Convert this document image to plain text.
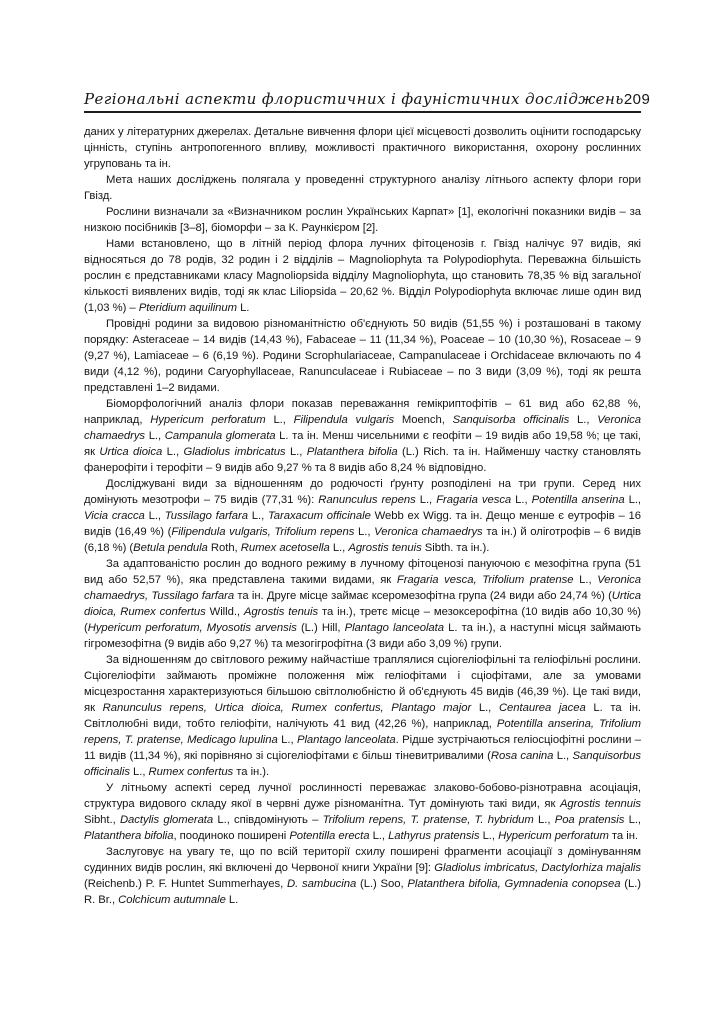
Регіональні аспекти флористичних і фауністичних досліджень 209

даних у літературних джерелах. Детальне вивчення флори цієї місцевості дозволить оцінити господарську цінність, ступінь антропогенного впливу, можливості практичного використання, охорону рослинних угруповань та ін.

Мета наших досліджень полягала у проведенні структурного аналізу літнього аспекту флори гори Гвізд.

Рослини визначали за «Визначником рослин Українських Карпат» [1], екологічні показники видів – за низкою посібників [3–8], біоморфи – за К. Раункієром [2].

Нами встановлено, що в літній період флора лучних фітоценозів г. Гвізд налічує 97 видів, які відносяться до 78 родів, 32 родин і 2 відділів – Magnoliophyta та Polypodiophyta. Переважна більшість рослин є представниками класу Magnoliopsida відділу Magnoliophyta, що становить 78,35 % від загальної кількості виявлених видів, тоді як клас Liliopsida – 20,62 %. Відділ Polypodiophyta включає лише один вид (1,03 %) – Pteridium aquilinum L.

Провідні родини за видовою різноманітністю об'єднують 50 видів (51,55 %) і розташовані в такому порядку: Asteraceae – 14 видів (14,43 %), Fabaceae – 11 (11,34 %), Poaceae – 10 (10,30 %), Rosaceae – 9 (9,27 %), Lamiaceae – 6 (6,19 %). Родини Scrophulariaceae, Campanulaceae і Orchidaceae включають по 4 види (4,12 %), родини Caryophyllaceae, Ranunculaceae і Rubiaceae – по 3 види (3,09 %), тоді як решта представлені 1–2 видами.

Біоморфологічний аналіз флори показав переважання гемікриптофітів – 61 вид або 62,88 %, наприклад, Hypericum perforatum L., Filipendula vulgaris Moench, Sanquisorba officinalis L., Veronica chamaedrys L., Campanula glomerata L. та ін. Менш чисельними є геофіти – 19 видів або 19,58 %; це такі, як Urtica dioica L., Gladiolus imbricatus L., Platanthera bifolia (L.) Rich. та ін. Найменшу частку становлять фанерофіти і терофіти – 9 видів або 9,27 % та 8 видів або 8,24 % відповідно.

Досліджувані види за відношенням до родючості ґрунту розподілені на три групи. Серед них домінують мезотрофи – 75 видів (77,31 %): Ranunculus repens L., Fragaria vesca L., Potentilla anserina L., Vicia cracca L., Tussilago farfara L., Taraxacum officinale Webb ex Wigg. та ін. Дещо менше є еутрофів – 16 видів (16,49 %) (Filipendula vulgaris, Trifolium repens L., Veronica chamaedrys та ін.) й оліготрофів – 6 видів (6,18 %) (Betula pendula Roth, Rumex acetosella L., Agrostis tenuis Sibth. та ін.).

За адаптованістю рослин до водного режиму в лучному фітоценозі пануючою є мезофітна група (51 вид або 52,57 %), яка представлена такими видами, як Fragaria vesca, Trifolium pratense L., Veronica chamaedrys, Tussilago farfara та ін. Друге місце займає ксеромезофітна група (24 види або 24,74 %) (Urtica dioica, Rumex confertus Willd., Agrostis tenuis та ін.), третє місце – мезоксерофітна (10 видів або 10,30 %) (Hypericum perforatum, Myosotis arvensis (L.) Hill, Plantago lanceolata L. та ін.), а наступні місця займають гігромезофітна (9 видів або 9,27 %) та мезогігрофітна (3 види або 3,09 %) групи.

За відношенням до світлового режиму найчастіше траплялися сціогеліофільні та геліофільні рослини. Сціогеліофіти займають проміжне положення між геліофітами і сціофітами, але за умовами місцезростання характеризуються більшою світлолюбністю й об'єднують 45 видів (46,39 %). Це такі види, як Ranunculus repens, Urtica dioica, Rumex confertus, Plantago major L., Centaurea jacea L. та ін. Світлолюбні види, тобто геліофіти, налічують 41 вид (42,26 %), наприклад, Potentilla anserina, Trifolium repens, T. pratense, Medicago lupulina L., Plantago lanceolata. Рідше зустрічаються геліосціофітні рослини – 11 видів (11,34 %), які порівняно зі сціогеліофітами є більш тіневитривалими (Rosa canina L., Sanquisorbus officinalis L., Rumex confertus та ін.).

У літньому аспекті серед лучної рослинності переважає злаково-бобово-різнотравна асоціація, структура видового складу якої в червні дуже різноманітна. Тут домінують такі види, як Agrostis tennuis Sibht., Dactylis glomerata L., співдомінують – Trifolium repens, T. pratense, T. hybridum L., Poa pratensis L., Platanthera bifolia, поодиноко поширені Potentilla erecta L., Lathyrus pratensis L., Hypericum perforatum та ін.

Заслуговує на увагу те, що по всій території схилу поширені фрагменти асоціації з домінуванням судинних видів рослин, які включені до Червоної книги України [9]: Gladiolus imbricatus, Dactylorhiza majalis (Reichenb.) P. F. Huntet Summerhayes, D. sambucina (L.) Soo, Platanthera bifolia, Gymnadenia conopsea (L.) R. Br., Colchicum autumnale L.
